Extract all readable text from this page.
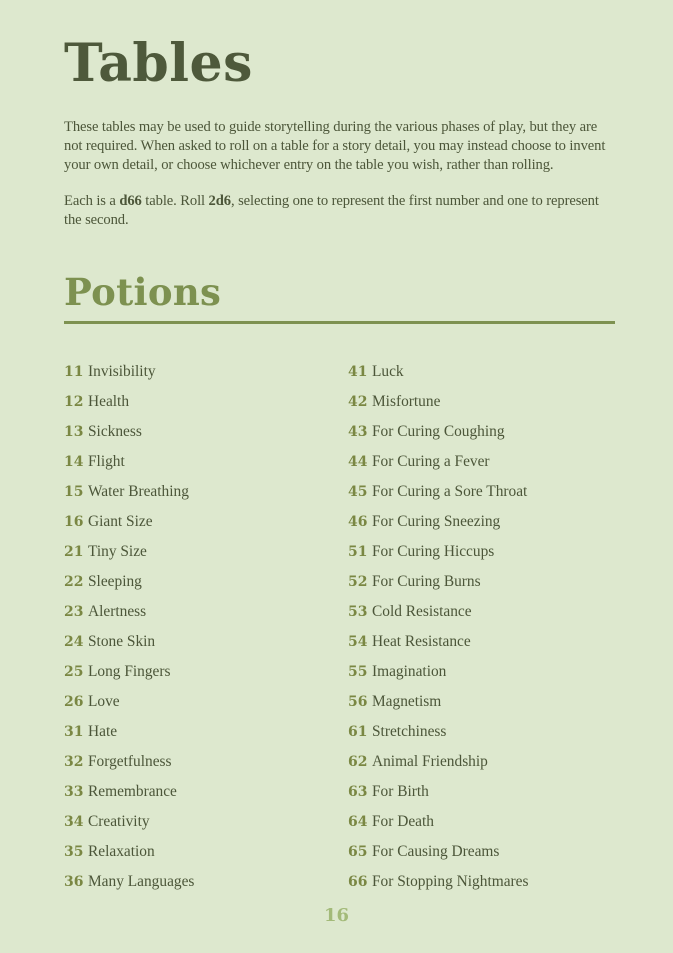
Tables

These tables may be used to guide storytelling during the various phases of play, but they are not required. When asked to roll on a table for a story detail, you may instead choose to invent your own detail, or choose whichever entry on the table you wish, rather than rolling.

Each is a d66 table. Roll 2d6, selecting one to represent the first number and one to represent the second.

Potions
11 Invisibility
12 Health
13 Sickness
14 Flight
15 Water Breathing
16 Giant Size
21 Tiny Size
22 Sleeping
23 Alertness
24 Stone Skin
25 Long Fingers
26 Love
31 Hate
32 Forgetfulness
33 Remembrance
34 Creativity
35 Relaxation
36 Many Languages
41 Luck
42 Misfortune
43 For Curing Coughing
44 For Curing a Fever
45 For Curing a Sore Throat
46 For Curing Sneezing
51 For Curing Hiccups
52 For Curing Burns
53 Cold Resistance
54 Heat Resistance
55 Imagination
56 Magnetism
61 Stretchiness
62 Animal Friendship
63 For Birth
64 For Death
65 For Causing Dreams
66 For Stopping Nightmares
16
